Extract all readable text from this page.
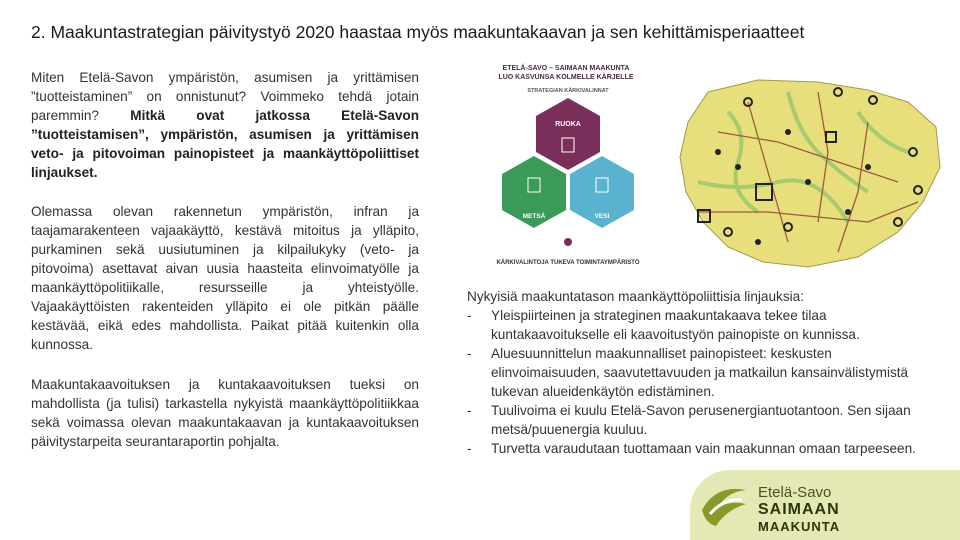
2. Maakuntastrategian päivitystyö 2020 haastaa myös maakuntakaavan ja sen kehittämisperiaatteet
Miten Etelä-Savon ympäristön, asumisen ja yrittämisen ”tuotteistaminen” on onnistunut? Voimmeko tehdä jotain paremmin? Mitkä ovat jatkossa Etelä-Savon ”tuotteistamisen”, ympäristön, asumisen ja yrittämisen veto- ja pitovoiman painopisteet ja maankäyttöpoliittiset linjaukset.
Olemassa olevan rakennetun ympäristön, infran ja taajamarakenteen vajaakäyttö, kestävä mitoitus ja ylläpito, purkaminen sekä uusiutuminen ja kilpailukyky (veto- ja pitovoima) asettavat aivan uusia haasteita elinvoimatyölle ja maankäyttöpolitiikalle, resursseille ja yhteistyölle. Vajaakäyttöisten rakenteiden ylläpito ei ole pitkän päälle kestävää, eikä edes mahdollista. Paikat pitää kuitenkin olla kunnossa.
Maakuntakaavoituksen ja kuntakaavoituksen tueksi on mahdollista (ja tulisi) tarkastella nykyistä maankäyttöpolitiikkaa sekä voimassa olevan maakuntakaavan ja kuntakaavoituksen päivitystarpeita seurantaraportin pohjalta.
ETELÄ-SAVO – SAIMAAN MAAKUNTA
LUO KASVUNSA KOLMELLE KÄRJELLE
STRATEGIAN KÄRKIVALINNAT
RUOKA
METSÄ	VESI
KÄRKIVALINTOJA TUKEVA TOIMINTAYMPÄRISTÖ
Nykyisiä maakuntatason maankäyttöpoliittisia linjauksia:
- Yleispiirteinen ja strateginen maakuntakaava tekee tilaa kuntakaavoitukselle eli kaavoitustyön painopiste on kunnissa.
- Aluesuunnittelun maakunnalliset painopisteet: keskusten elinvoimaisuuden, saavutettavuuden ja matkailun kansainvälistymistä tukevan alueidenkäytön edistäminen.
- Tuulivoima ei kuulu Etelä-Savon perusenergiantuotantoon. Sen sijaan metsä/puuenergia kuuluu.
- Turvetta varaudutaan tuottamaan vain maakunnan omaan tarpeeseen.
Etelä-Savo
SAIMAAN
MAAKUNTA
